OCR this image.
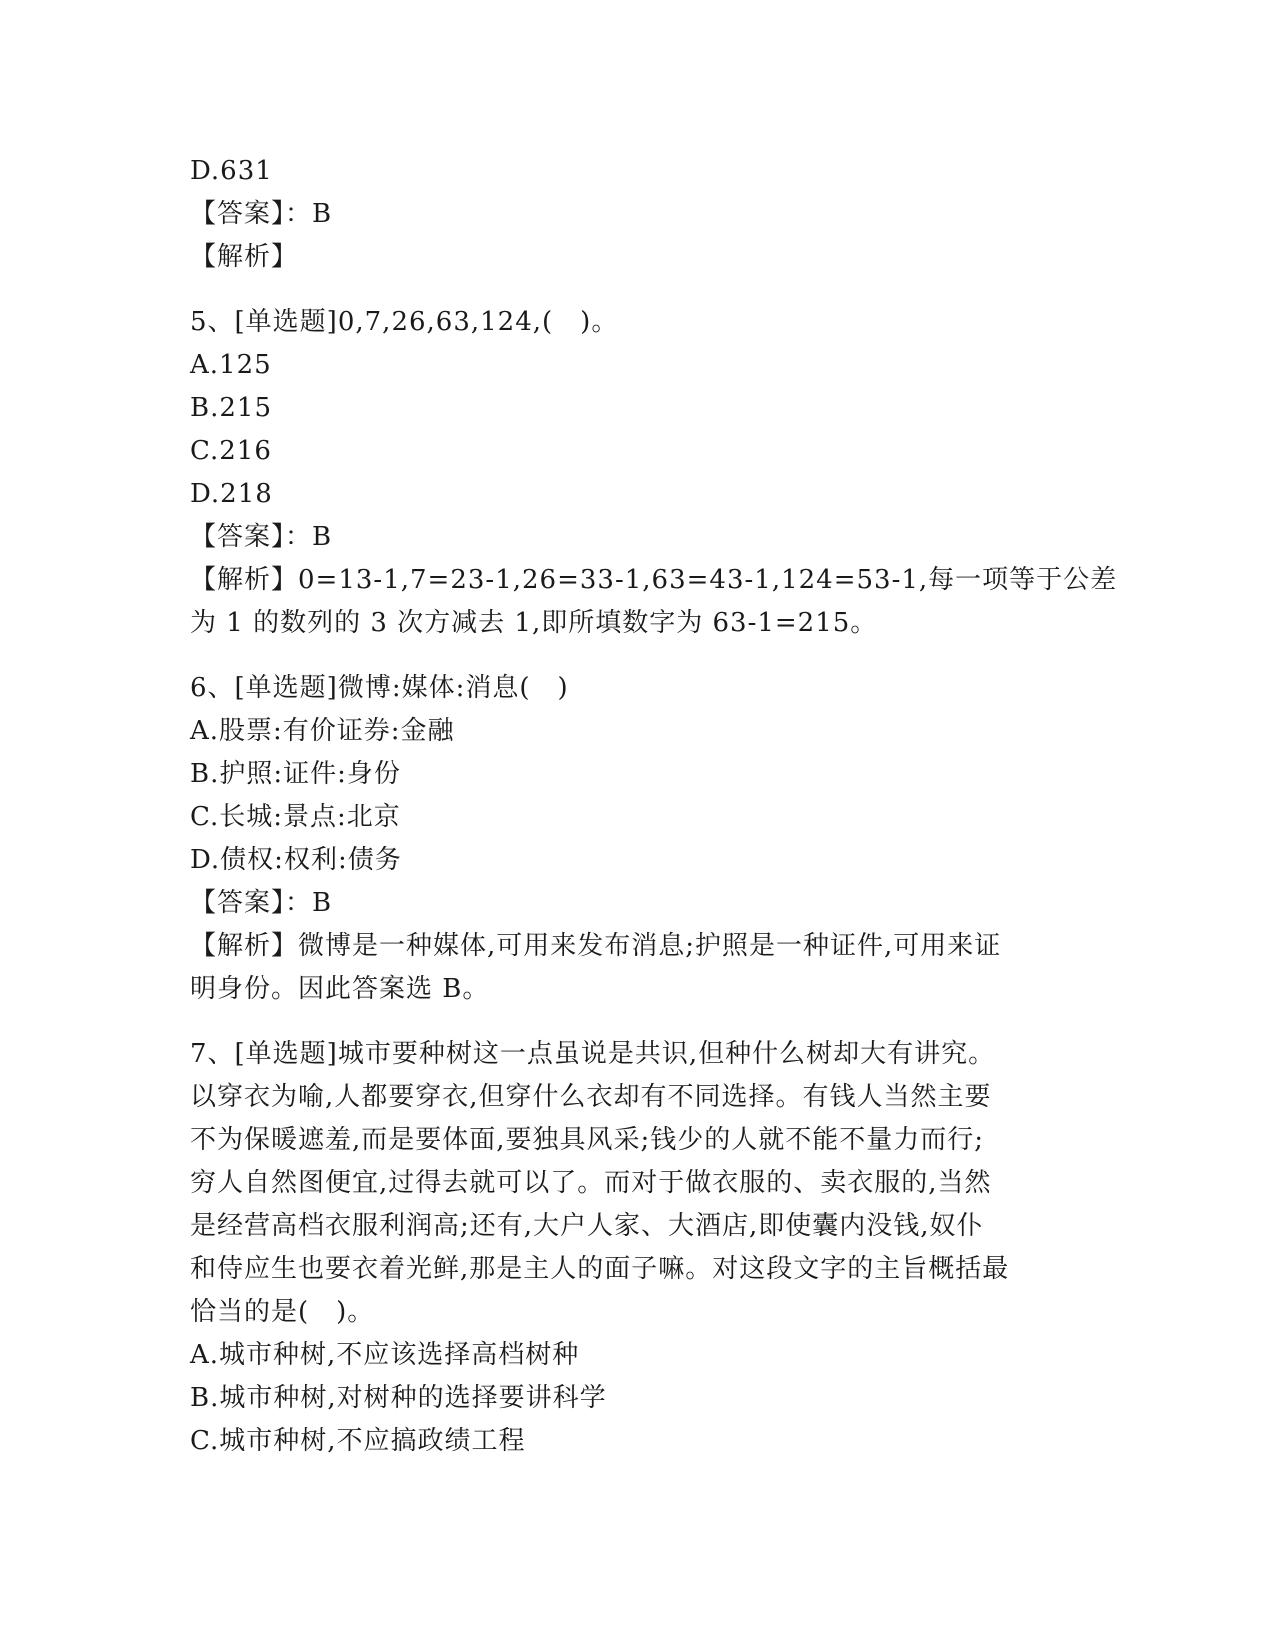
D.631
【答案】：B
【解析】
5、[单选题]0,7,26,63,124,(　)。
A.125
B.215
C.216
D.218
【答案】：B
【解析】0=13-1,7=23-1,26=33-1,63=43-1,124=53-1,每一项等于公差
为 1 的数列的 3 次方减去 1,即所填数字为 63-1=215。
6、[单选题]微博:媒体:消息(　)
A.股票:有价证券:金融
B.护照:证件:身份
C.长城:景点:北京
D.债权:权利:债务
【答案】：B
【解析】微博是一种媒体,可用来发布消息;护照是一种证件,可用来证
明身份。因此答案选 B。
7、[单选题]城市要种树这一点虽说是共识,但种什么树却大有讲究。
以穿衣为喻,人都要穿衣,但穿什么衣却有不同选择。有钱人当然主要
不为保暖遮羞,而是要体面,要独具风采;钱少的人就不能不量力而行;
穷人自然图便宜,过得去就可以了。而对于做衣服的、卖衣服的,当然
是经营高档衣服利润高;还有,大户人家、大酒店,即使囊内没钱,奴仆
和侍应生也要衣着光鲜,那是主人的面子嘛。对这段文字的主旨概括最
恰当的是(　)。
A.城市种树,不应该选择高档树种
B.城市种树,对树种的选择要讲科学
C.城市种树,不应搞政绩工程
